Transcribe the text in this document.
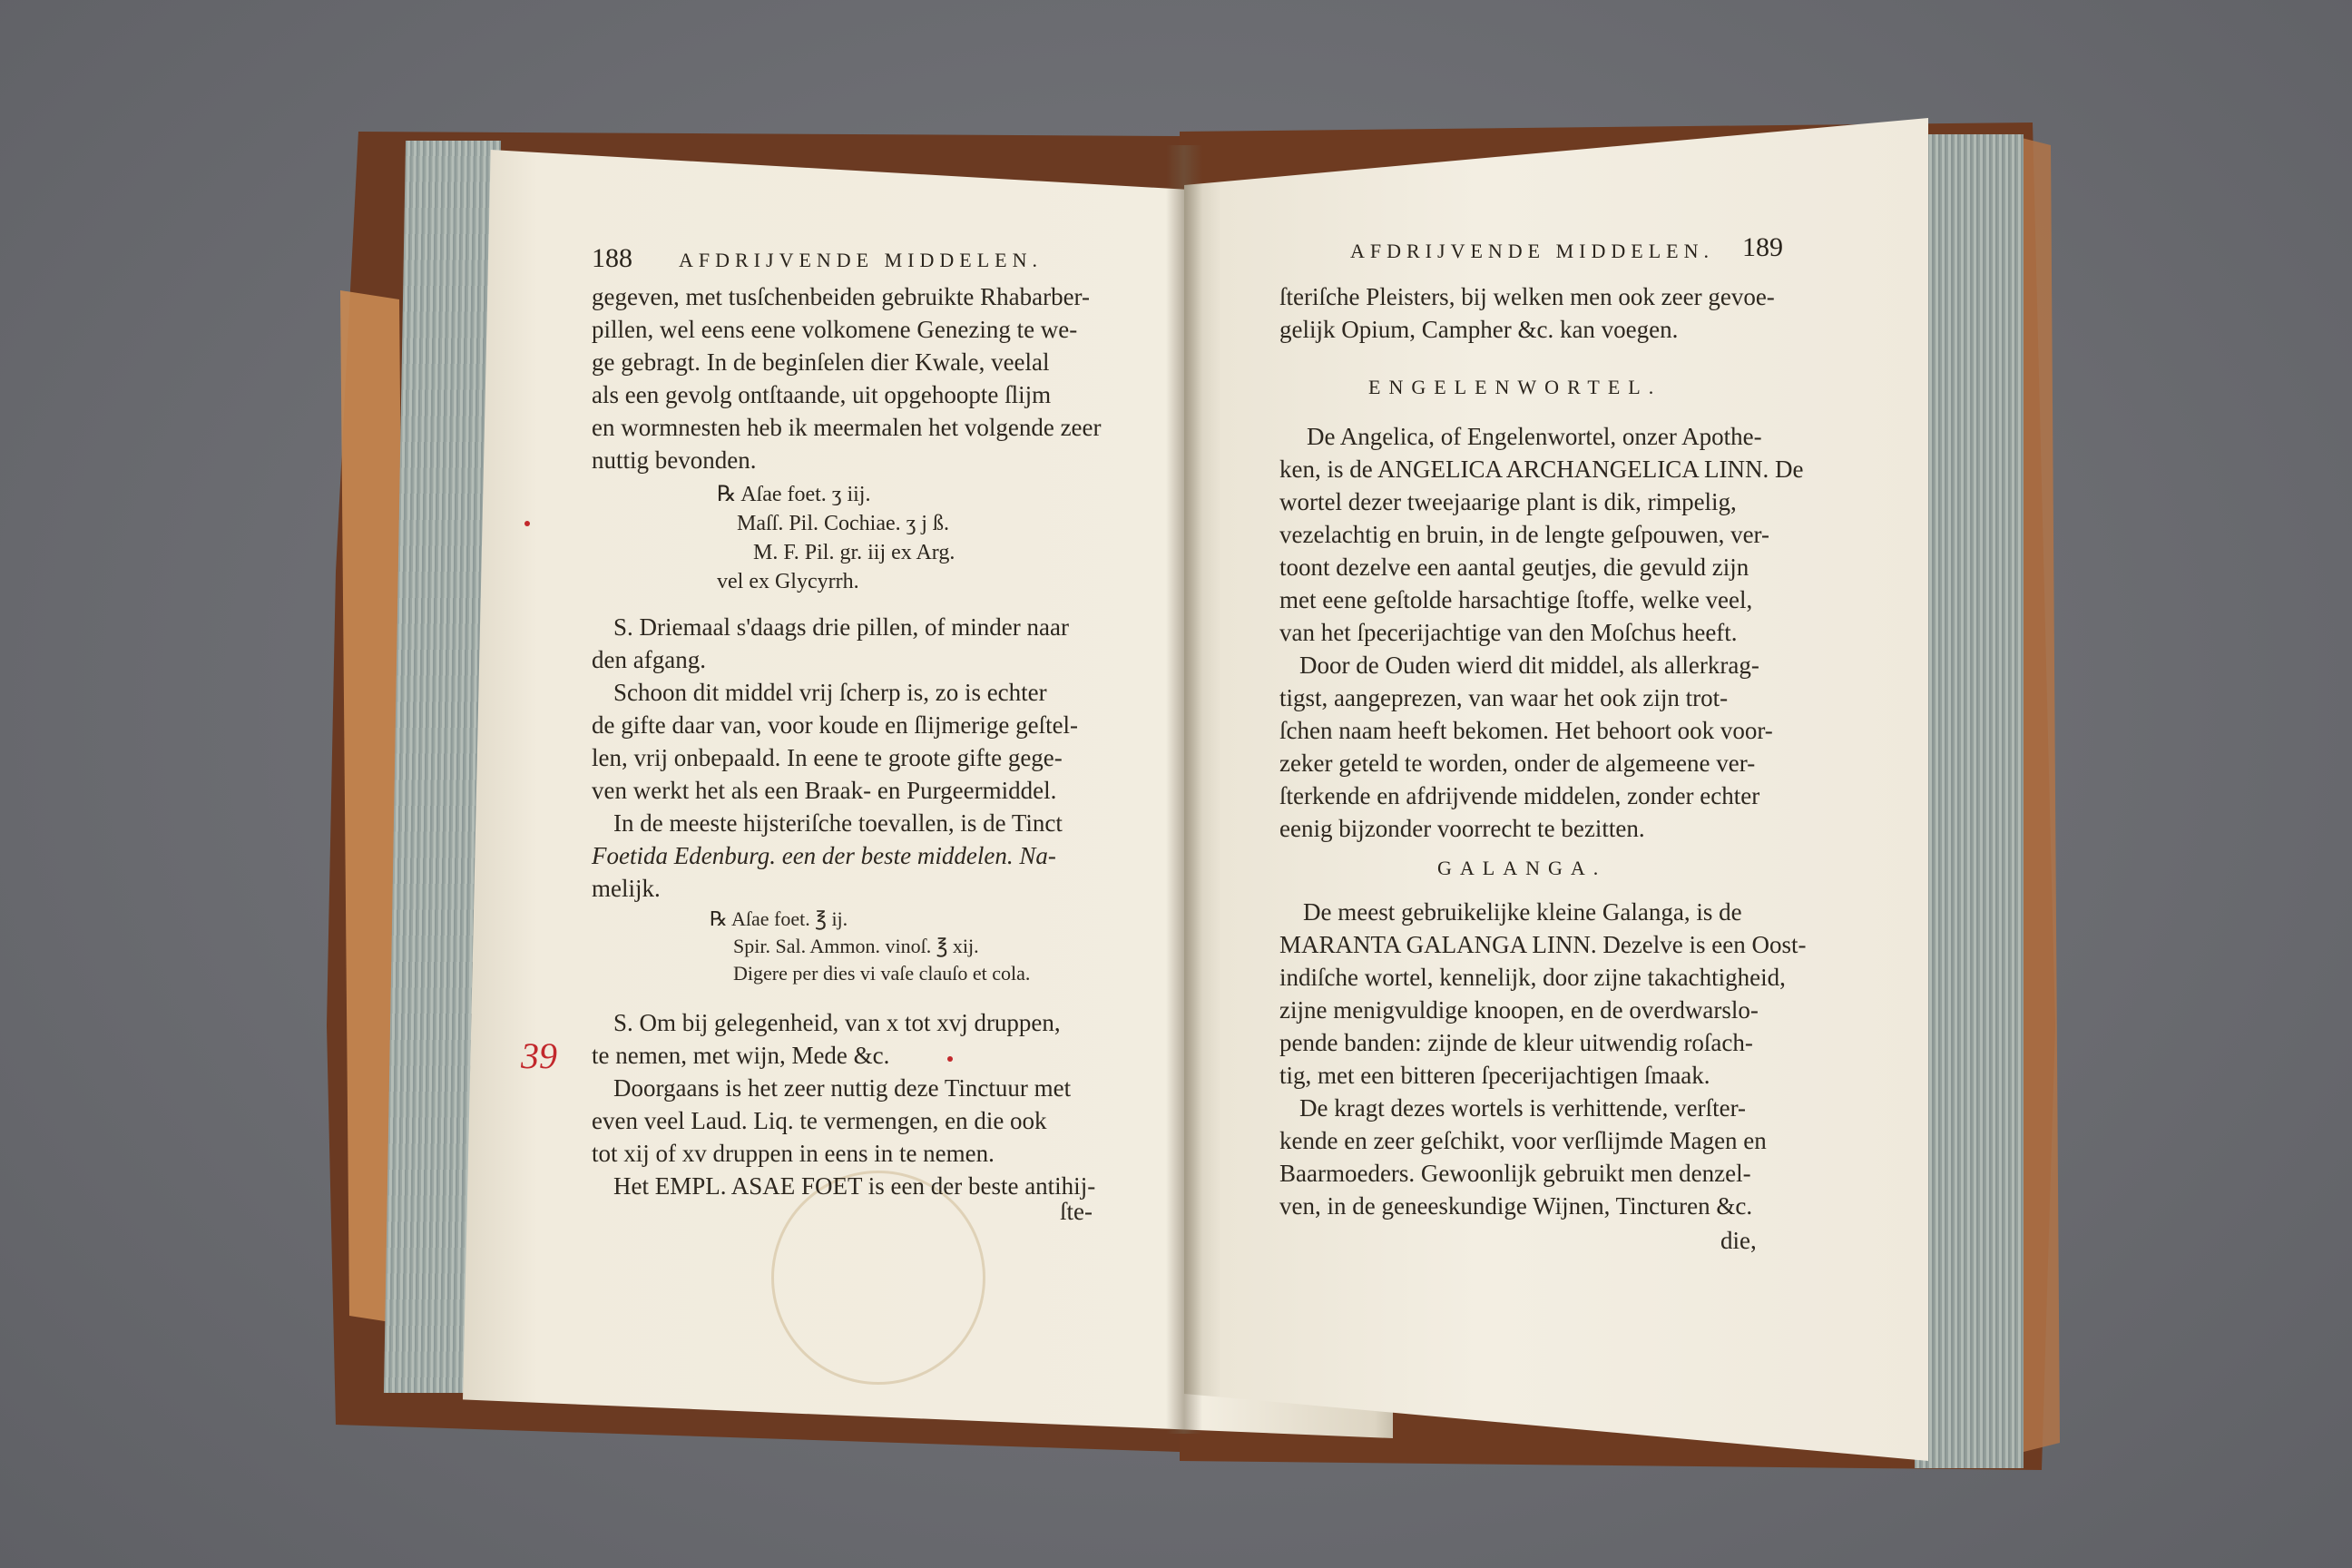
188 AFDRIJVENDE MIDDELEN.
gegeven, met tusſchenbeiden gebruikte Rhabarber-
pillen, wel eens eene volkomene Genezing te we-
ge gebragt. In de beginſelen dier Kwale, veelal
als een gevolg ontſtaande, uit opgehoopte ſlijm
en wormnesten heb ik meermalen het volgende zeer
nuttig bevonden.
℞ Aſae foet. ʒ iij.
Maſſ. Pil. Cochiae. ʒ j ß.
M. F. Pil. gr. iij ex Arg.
vel ex Glycyrrh.
S. Driemaal s'daags drie pillen, of minder naar
den afgang.
Schoon dit middel vrij ſcherp is, zo is echter
de gifte daar van, voor koude en ſlijmerige geſtel-
len, vrij onbepaald. In eene te groote gifte gege-
ven werkt het als een Braak- en Purgeermiddel.
In de meeste hijsteriſche toevallen, is de Tinct
Foetida Edenburg. een der beste middelen. Na-
melijk.
℞ Aſae foet. ℥ ij.
Spir. Sal. Ammon. vinoſ. ℥ xij.
Digere per dies vi vaſe clauſo et cola.
S. Om bij gelegenheid, van x tot xvj druppen,
te nemen, met wijn, Mede &c.
Doorgaans is het zeer nuttig deze Tinctuur met
even veel Laud. Liq. te vermengen, en die ook
tot xij of xv druppen in eens in te nemen.
Het EMPL. ASAE FOET is een der beste antihij-
ſte-
39
AFDRIJVENDE MIDDELEN. 189
ſteriſche Pleisters, bij welken men ook zeer gevoe-
gelijk Opium, Campher &c. kan voegen.
ENGELENWORTEL.
De Angelica, of Engelenwortel, onzer Apothe-
ken, is de ANGELICA ARCHANGELICA LINN. De
wortel dezer tweejaarige plant is dik, rimpelig,
vezelachtig en bruin, in de lengte geſpouwen, ver-
toont dezelve een aantal geutjes, die gevuld zijn
met eene geſtolde harsachtige ſtoffe, welke veel,
van het ſpecerijachtige van den Moſchus heeft.
Door de Ouden wierd dit middel, als allerkrag-
tigst, aangeprezen, van waar het ook zijn trot-
ſchen naam heeft bekomen. Het behoort ook voor-
zeker geteld te worden, onder de algemeene ver-
ſterkende en afdrijvende middelen, zonder echter
eenig bijzonder voorrecht te bezitten.
GALANGA.
De meest gebruikelijke kleine Galanga, is de
MARANTA GALANGA LINN. Dezelve is een Oost-
indiſche wortel, kennelijk, door zijne takachtigheid,
zijne menigvuldige knoopen, en de overdwarslo-
pende banden: zijnde de kleur uitwendig roſach-
tig, met een bitteren ſpecerijachtigen ſmaak.
De kragt dezes wortels is verhittende, verſter-
kende en zeer geſchikt, voor verſlijmde Magen en
Baarmoeders. Gewoonlijk gebruikt men denzel-
ven, in de geneeskundige Wijnen, Tincturen &c.
die,
